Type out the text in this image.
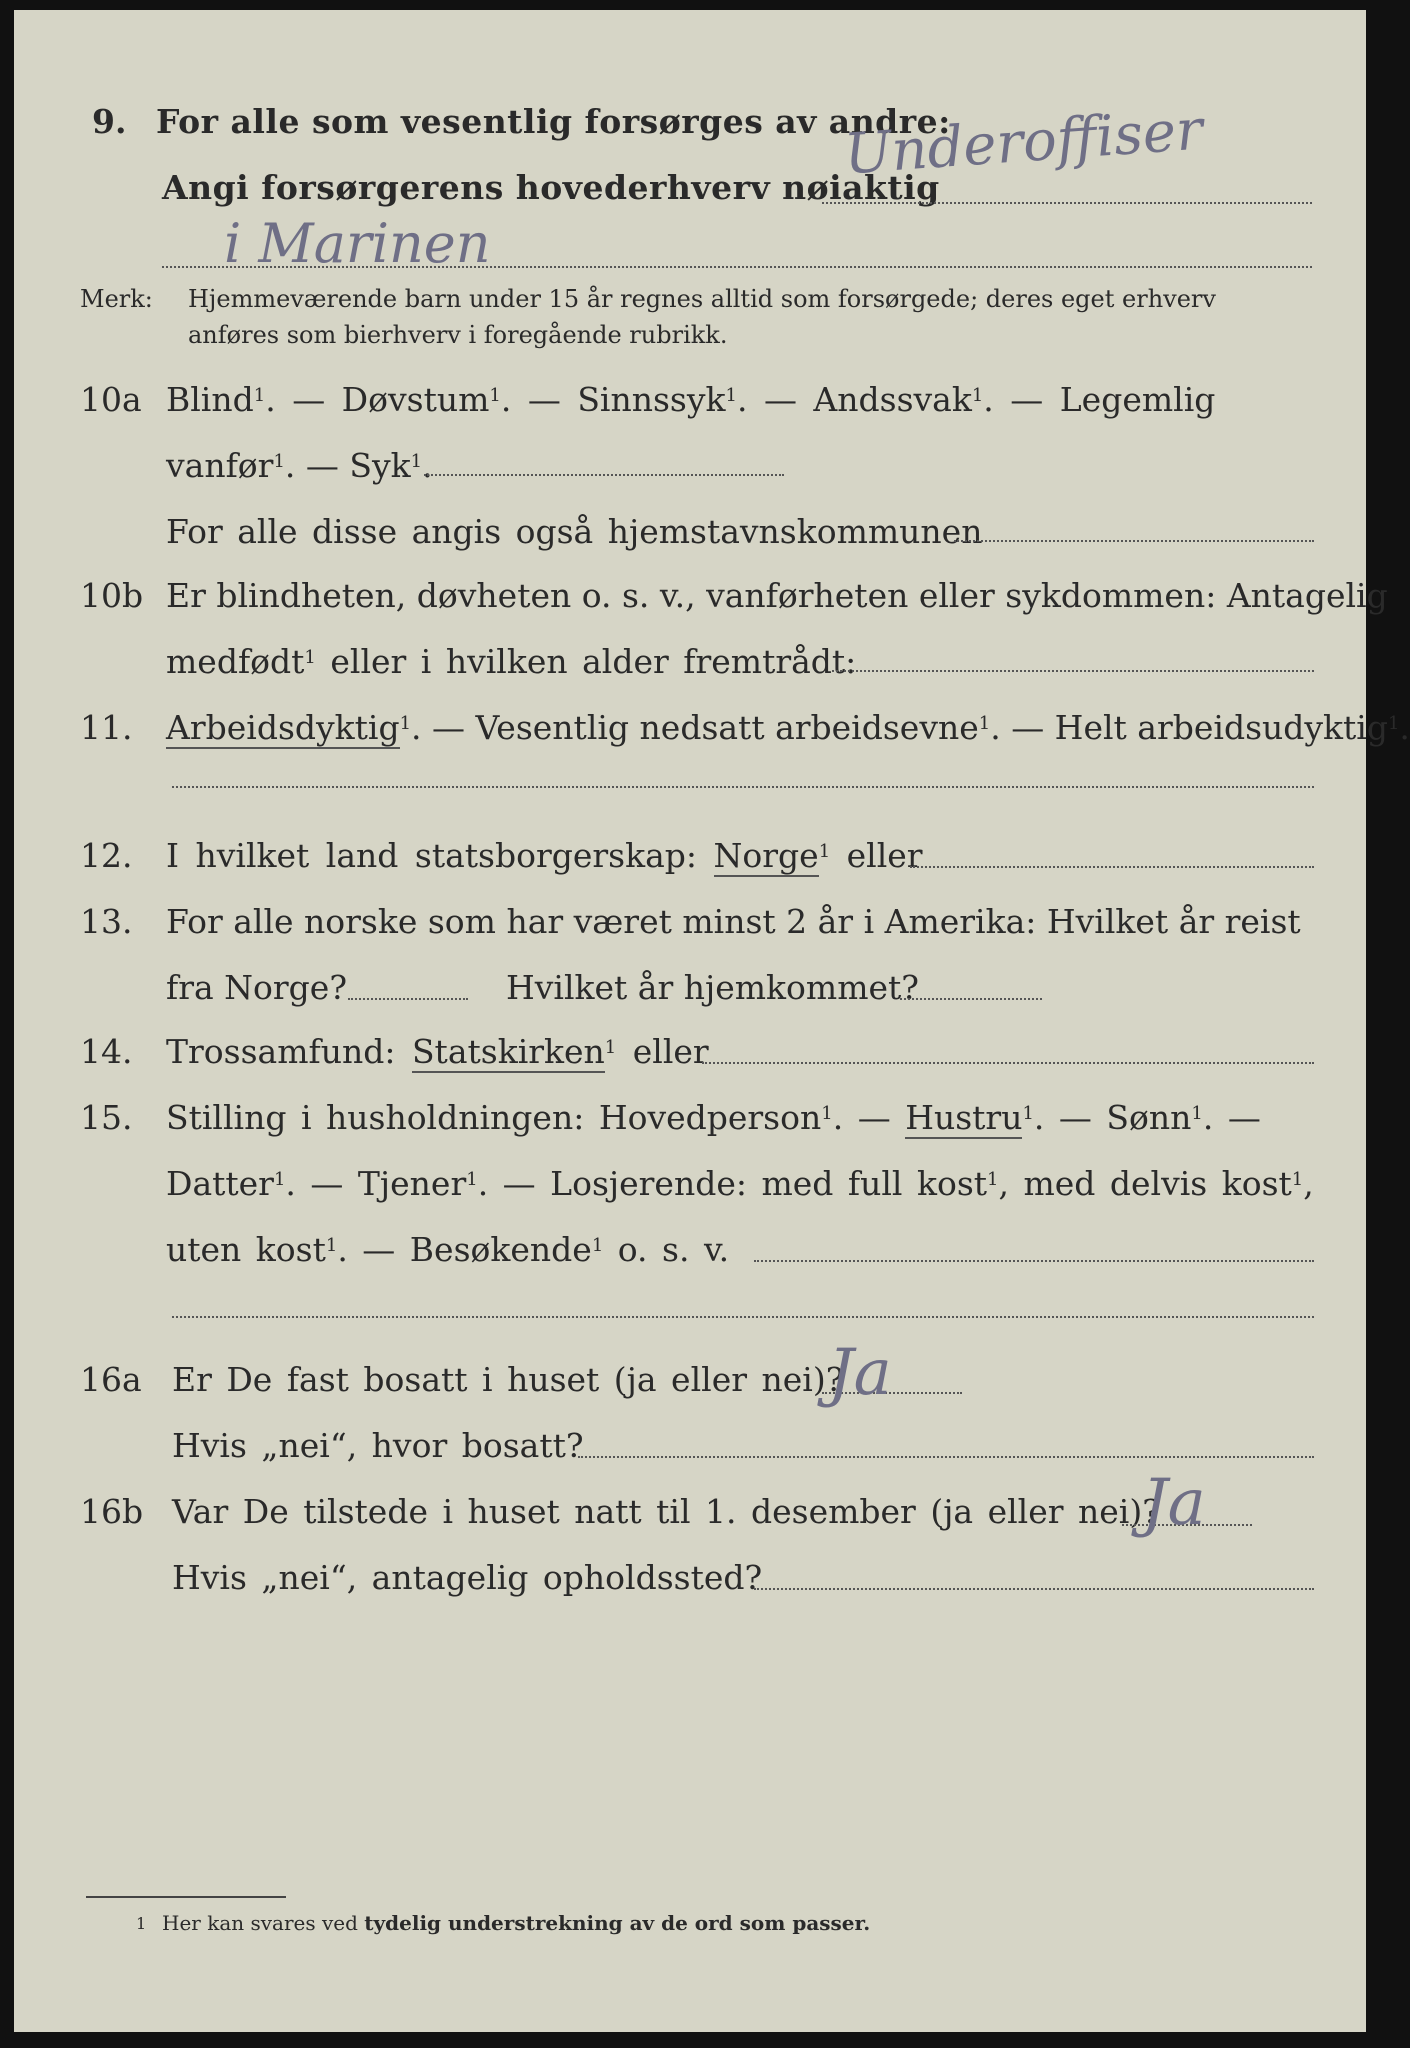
9. For alle som vesentlig forsørges av andre:
Angi forsørgerens hovederhverv nøiaktig
Underoffiser
i Marinen
Merk: Hjemmeværende barn under 15 år regnes alltid som forsørgede; deres eget erhverv
anføres som bierhverv i foregående rubrikk.
10a Blind$^1$. — Døvstum$^1$. — Sinnssyk$^1$. — Andssvak$^1$. — Legemlig
vanfør$^1$. — Syk$^1$.
For alle disse angis også hjemstavnskommunen
10b Er blindheten, døvheten o. s. v., vanførheten eller sykdommen: Antagelig
medfødt$^1$ eller i hvilken alder fremtrådt:
11. Arbeidsdyktig$^1$. — Vesentlig nedsatt arbeidsevne$^1$. — Helt arbeidsudyktig$^1$.
12. I hvilket land statsborgerskap: Norge$^1$ eller
13. For alle norske som har været minst 2 år i Amerika: Hvilket år reist
fra Norge?	Hvilket år hjemkommet?
14. Trossamfund: Statskirken$^1$ eller
15. Stilling i husholdningen: Hovedperson$^1$. — Hustru$^1$. — Sønn$^1$. —
Datter$^1$. — Tjener$^1$. — Losjerende: med full kost$^1$, med delvis kost$^1$,
uten kost$^1$. — Besøkende$^1$ o. s. v.
16a Er De fast bosatt i huset (ja eller nei)?
Ja
Hvis „nei“, hvor bosatt?
16b Var De tilstede i huset natt til 1. desember (ja eller nei)?
Ja
Hvis „nei“, antagelig opholdssted?
1 Her kan svares ved tydelig understrekning av de ord som passer.
